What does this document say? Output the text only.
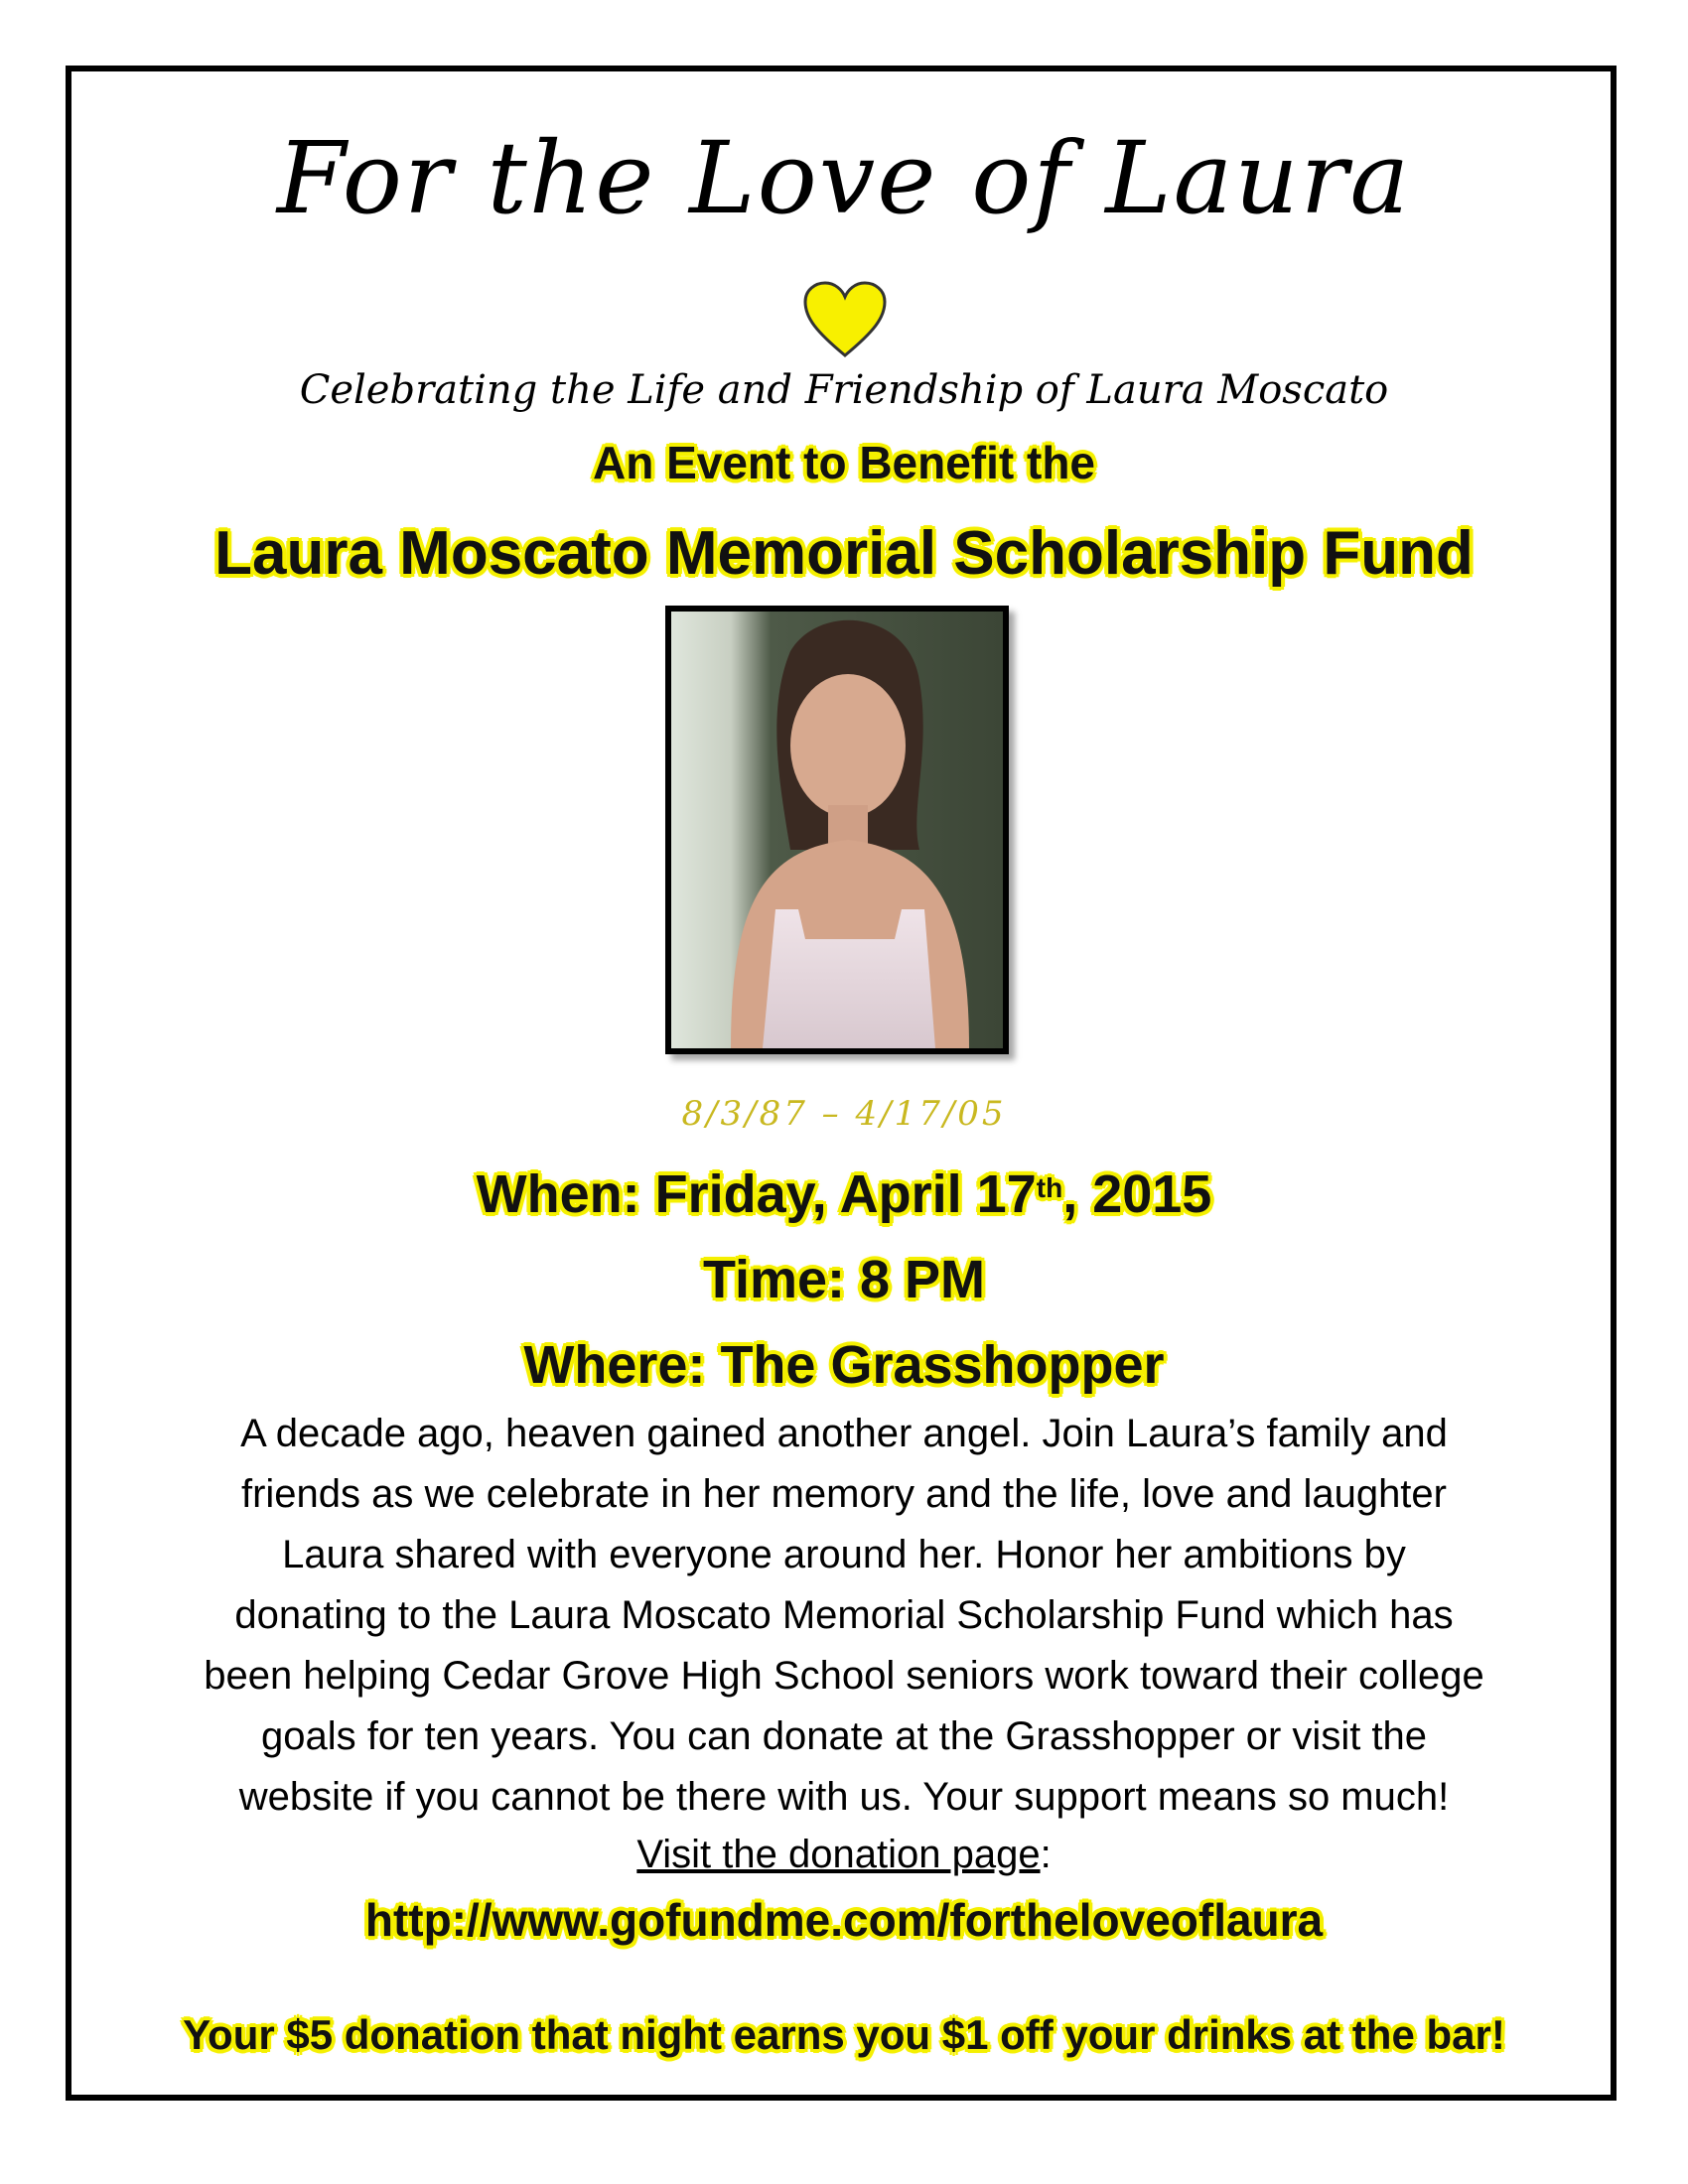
For the Love of Laura
Celebrating the Life and Friendship of Laura Moscato
An Event to Benefit the
Laura Moscato Memorial Scholarship Fund
8/3/87 – 4/17/05
When: Friday, April 17th, 2015
Time: 8 PM
Where: The Grasshopper
A decade ago, heaven gained another angel. Join Laura’s family and
friends as we celebrate in her memory and the life, love and laughter
Laura shared with everyone around her. Honor her ambitions by
donating to the Laura Moscato Memorial Scholarship Fund which has
been helping Cedar Grove High School seniors work toward their college
goals for ten years. You can donate at the Grasshopper or visit the
website if you cannot be there with us. Your support means so much!
Visit the donation page:
http://www.gofundme.com/fortheloveoflaura
Your $5 donation that night earns you $1 off your drinks at the bar!
